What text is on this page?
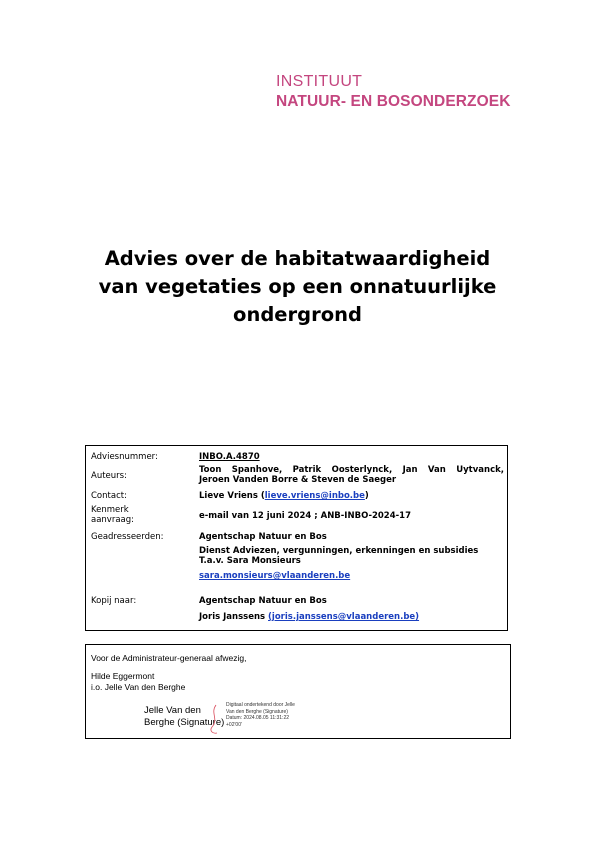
INSTITUUT
NATUUR- EN BOSONDERZOEK
Advies over de habitatwaardigheid
van vegetaties op een onnatuurlijke
ondergrond
Adviesnummer:	INBO.A.4870
Auteurs:
Toon Spanhove, Patrik Oosterlynck, Jan Van Uytvanck,
Jeroen Vanden Borre & Steven de Saeger
Contact:	Lieve Vriens (lieve.vriens@inbo.be)
Kenmerk
aanvraag:	e-mail van 12 juni 2024 ; ANB-INBO-2024-17
Geadresseerden:	Agentschap Natuur en Bos
Dienst Adviezen, vergunningen, erkenningen en subsidies
T.a.v. Sara Monsieurs
sara.monsieurs@vlaanderen.be
Kopij naar:	Agentschap Natuur en Bos
Joris Janssens (joris.janssens@vlaanderen.be)
Voor de Administrateur-generaal afwezig,
Hilde Eggermont
i.o. Jelle Van den Berghe
Jelle Van den
Berghe (Signature)
Digitaal ondertekend door Jelle
Van den Berghe (Signature)
Datum: 2024.08.05 11:31:22
+02'00'
